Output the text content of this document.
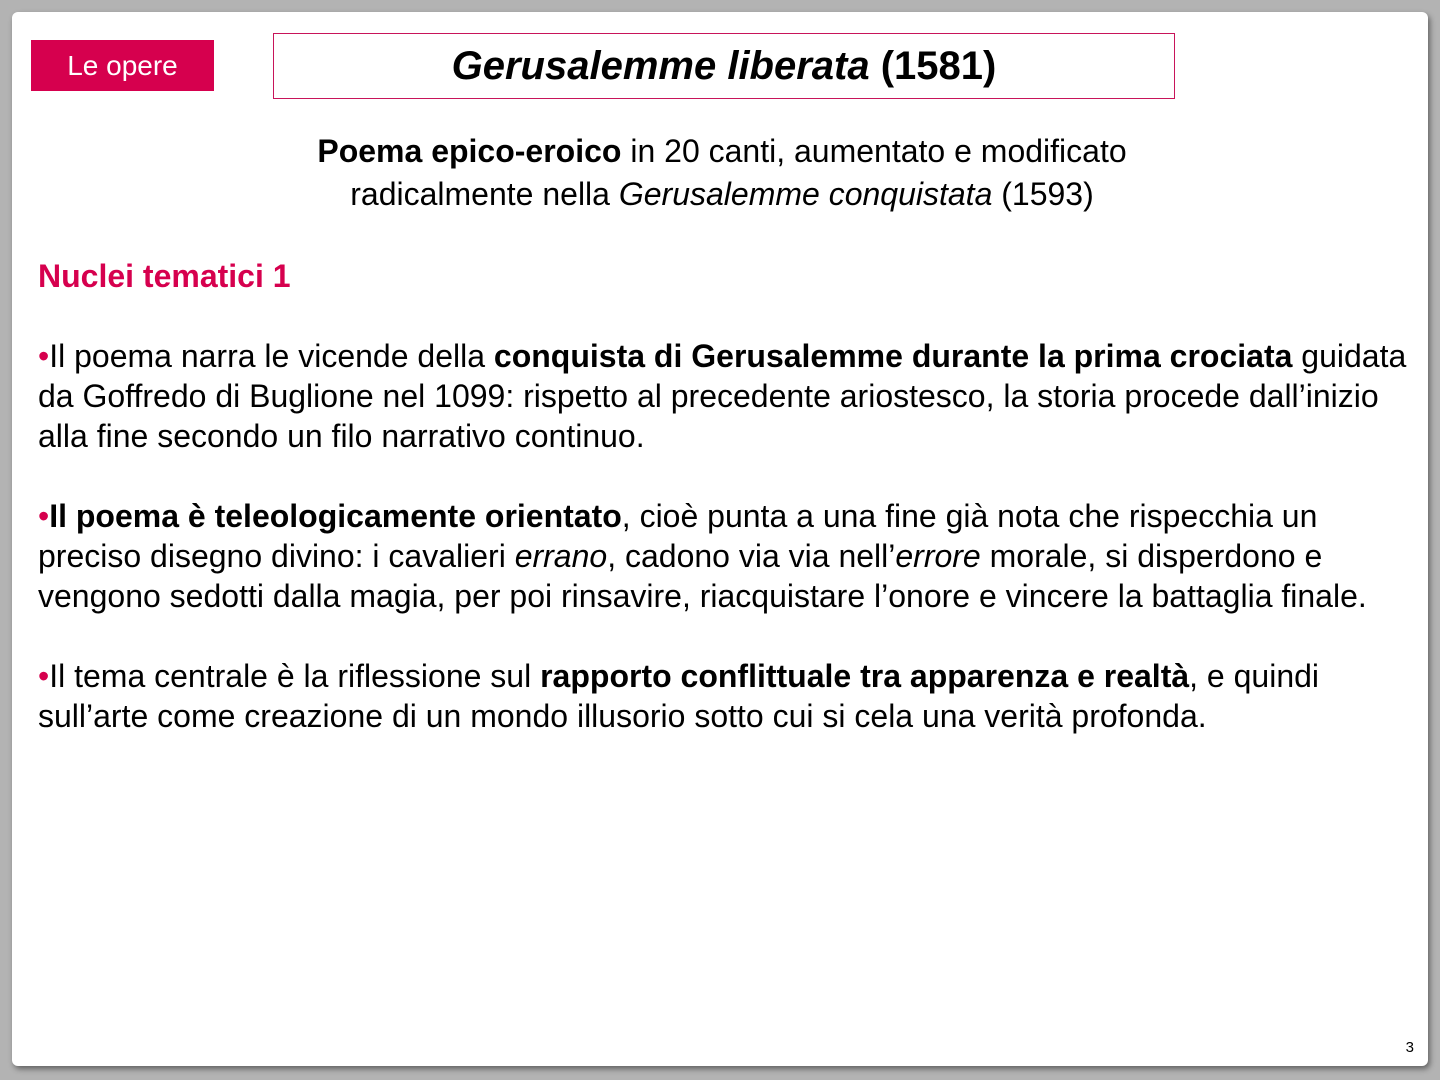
Le opere	Gerusalemme liberata (1581)
Poema epico-eroico in 20 canti, aumentato e modificato
radicalmente nella Gerusalemme conquistata (1593)
Nuclei tematici 1

•Il poema narra le vicende della conquista di Gerusalemme durante la prima crociata guidata da Goffredo di Buglione nel 1099: rispetto al precedente ariostesco, la storia procede dall’inizio alla fine secondo un filo narrativo continuo.

•Il poema è teleologicamente orientato, cioè punta a una fine già nota che rispecchia un preciso disegno divino: i cavalieri errano, cadono via via nell’errore morale, si disperdono e vengono sedotti dalla magia, per poi rinsavire, riacquistare l’onore e vincere la battaglia finale.

•Il tema centrale è la riflessione sul rapporto conflittuale tra apparenza e realtà, e quindi sull’arte come creazione di un mondo illusorio sotto cui si cela una verità profonda.

3
